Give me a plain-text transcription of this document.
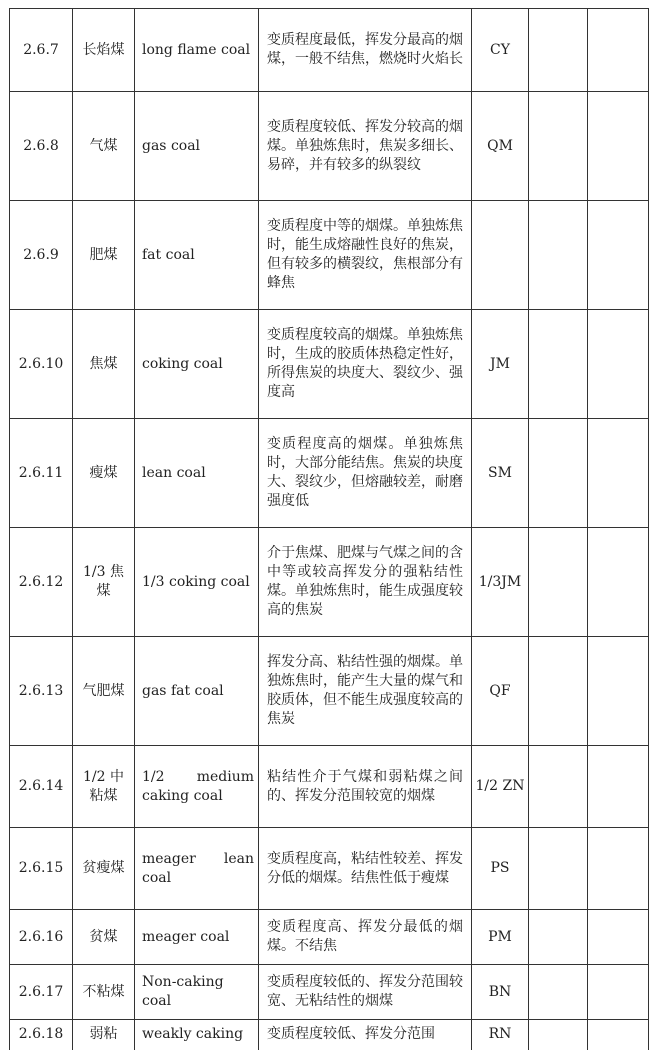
2.6.7	长焰煤	long flame coal	变质程度最低，挥发分最高的烟煤，一般不结焦，燃烧时火焰长	CY		
2.6.8	气煤	gas coal	变质程度较低、挥发分较高的烟煤。单独炼焦时，焦炭多细长、易碎，并有较多的纵裂纹	QM		
2.6.9	肥煤	fat coal	变质程度中等的烟煤。单独炼焦时，能生成熔融性良好的焦炭，但有较多的横裂纹，焦根部分有蜂焦			
2.6.10	焦煤	coking coal	变质程度较高的烟煤。单独炼焦时，生成的胶质体热稳定性好，所得焦炭的块度大、裂纹少、强度高	JM		
2.6.11	瘦煤	lean coal	变质程度高的烟煤。单独炼焦时，大部分能结焦。焦炭的块度大、裂纹少，但熔融较差，耐磨强度低	SM		
2.6.12	1/3 焦煤	1/3 coking coal	介于焦煤、肥煤与气煤之间的含中等或较高挥发分的强粘结性煤。单独炼焦时，能生成强度较高的焦炭	1/3JM		
2.6.13	气肥煤	gas fat coal	挥发分高、粘结性强的烟煤。单独炼焦时，能产生大量的煤气和胶质体，但不能生成强度较高的焦炭	QF		
2.6.14	1/2 中粘煤	1/2 medium caking coal	粘结性介于气煤和弱粘煤之间的、挥发分范围较宽的烟煤	1/2 ZN		
2.6.15	贫瘦煤	meager lean coal	变质程度高，粘结性较差、挥发分低的烟煤。结焦性低于瘦煤	PS		
2.6.16	贫煤	meager coal	变质程度高、挥发分最低的烟煤。不结焦	PM		
2.6.17	不粘煤	Non-caking coal	变质程度较低的、挥发分范围较宽、无粘结性的烟煤	BN		
2.6.18	弱粘	weakly caking	变质程度较低、挥发分范围	RN		
